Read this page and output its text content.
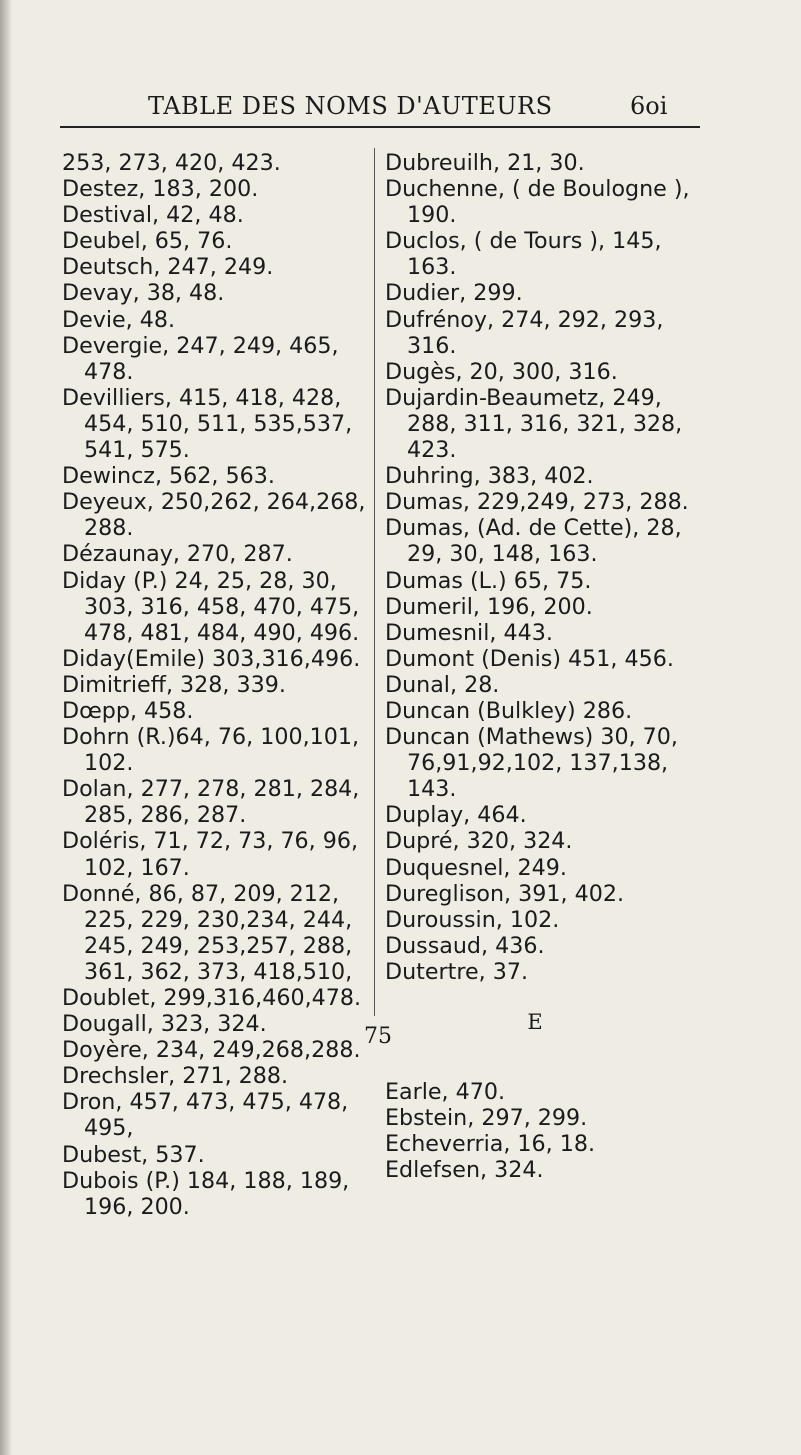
TABLE DES NOMS D'AUTEURS	6oi
253, 273, 420, 423.
Destez, 183, 200.
Destival, 42, 48.
Deubel, 65, 76.
Deutsch, 247, 249.
Devay, 38, 48.
Devie, 48.
Devergie, 247, 249, 465,
478.
Devilliers, 415, 418, 428,
454, 510, 511, 535,537,
541, 575.
Dewincz, 562, 563.
Deyeux, 250,262, 264,268,
288.
Dézaunay, 270, 287.
Diday (P.) 24, 25, 28, 30,
303, 316, 458, 470, 475,
478, 481, 484, 490, 496.
Diday(Emile) 303,316,496.
Dimitrieff, 328, 339.
Dœpp, 458.
Dohrn (R.)64, 76, 100,101,
102.
Dolan, 277, 278, 281, 284,
285, 286, 287.
Doléris, 71, 72, 73, 76, 96,
102, 167.
Donné, 86, 87, 209, 212,
225, 229, 230,234, 244,
245, 249, 253,257, 288,
361, 362, 373, 418,510,
Doublet, 299,316,460,478.
Dougall, 323, 324.
Doyère, 234, 249,268,288.
Drechsler, 271, 288.
Dron, 457, 473, 475, 478,
495,
Dubest, 537.
Dubois (P.) 184, 188, 189,
196, 200.
Dubreuilh, 21, 30.
Duchenne, ( de Boulogne ),
190.
Duclos, ( de Tours ), 145,
163.
Dudier, 299.
Dufrénoy, 274, 292, 293,
316.
Dugès, 20, 300, 316.
Dujardin-Beaumetz, 249,
288, 311, 316, 321, 328,
423.
Duhring, 383, 402.
Dumas, 229,249, 273, 288.
Dumas, (Ad. de Cette), 28,
29, 30, 148, 163.
Dumas (L.) 65, 75.
Dumeril, 196, 200.
Dumesnil, 443.
Dumont (Denis) 451, 456.
Dunal, 28.
Duncan (Bulkley) 286.
Duncan (Mathews) 30, 70,
76,91,92,102, 137,138,
143.
Duplay, 464.
Dupré, 320, 324.
Duquesnel, 249.
Dureglison, 391, 402.
Duroussin, 102.
Dussaud, 436.
Dutertre, 37.
E
Earle, 470.
Ebstein, 297, 299.
Echeverria, 16, 18.
Edlefsen, 324.
75
